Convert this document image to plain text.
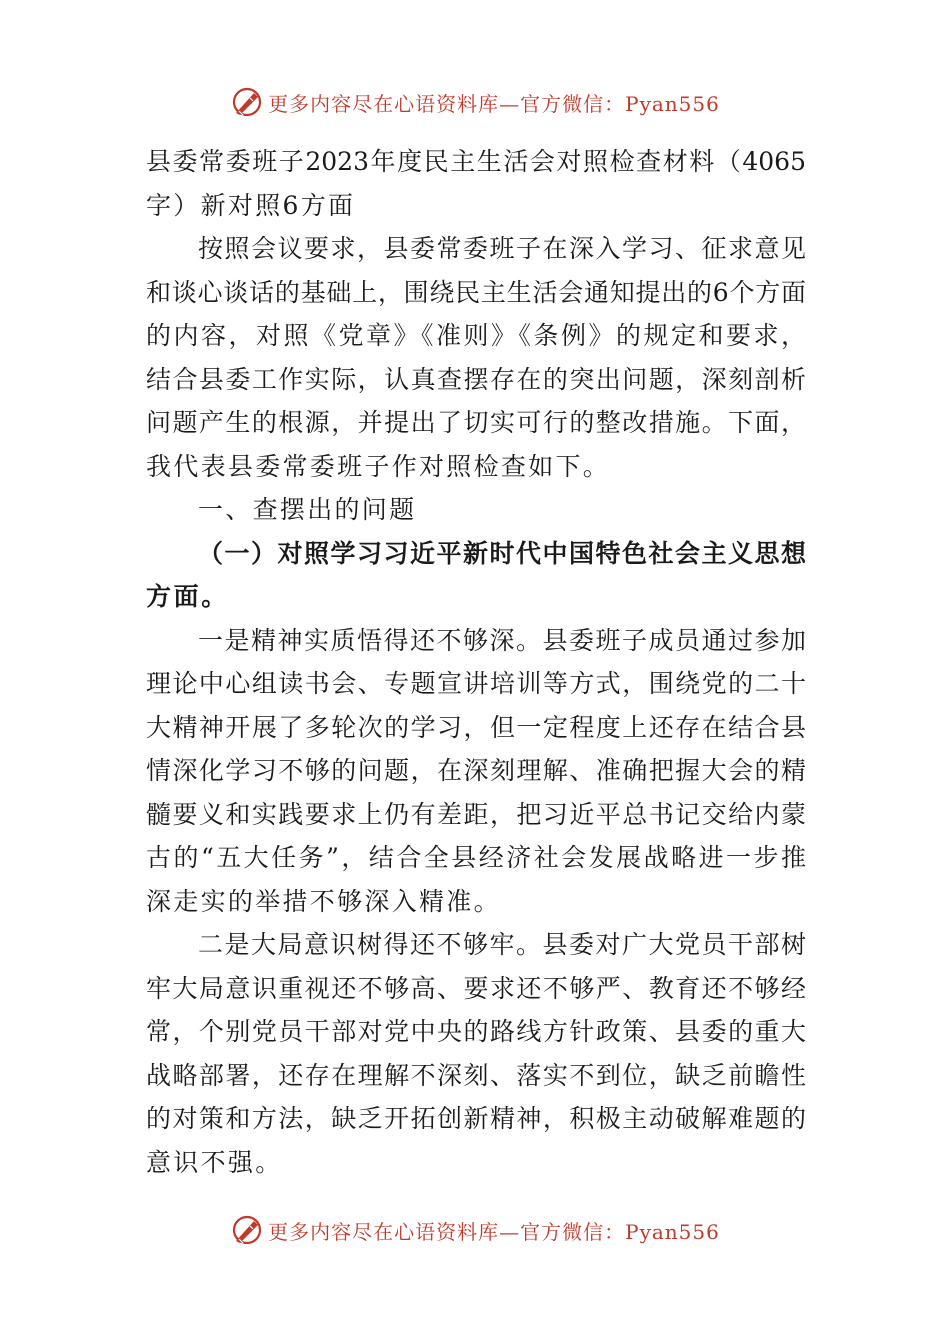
更多内容尽在心语资料库—官方微信：Pyan556
县委常委班子2023年度民主生活会对照检查材料（4065
字）新对照6方面
按照会议要求，县委常委班子在深入学习、征求意见
和谈心谈话的基础上，围绕民主生活会通知提出的6个方面
的内容，对照《党章》《准则》《条例》的规定和要求，
结合县委工作实际，认真查摆存在的突出问题，深刻剖析
问题产生的根源，并提出了切实可行的整改措施。下面，
我代表县委常委班子作对照检查如下。
一、查摆出的问题
（一）对照学习习近平新时代中国特色社会主义思想
方面。
一是精神实质悟得还不够深。县委班子成员通过参加
理论中心组读书会、专题宣讲培训等方式，围绕党的二十
大精神开展了多轮次的学习，但一定程度上还存在结合县
情深化学习不够的问题，在深刻理解、准确把握大会的精
髓要义和实践要求上仍有差距，把习近平总书记交给内蒙
古的“五大任务”，结合全县经济社会发展战略进一步推
深走实的举措不够深入精准。
二是大局意识树得还不够牢。县委对广大党员干部树
牢大局意识重视还不够高、要求还不够严、教育还不够经
常，个别党员干部对党中央的路线方针政策、县委的重大
战略部署，还存在理解不深刻、落实不到位，缺乏前瞻性
的对策和方法，缺乏开拓创新精神，积极主动破解难题的
意识不强。
更多内容尽在心语资料库—官方微信：Pyan556
